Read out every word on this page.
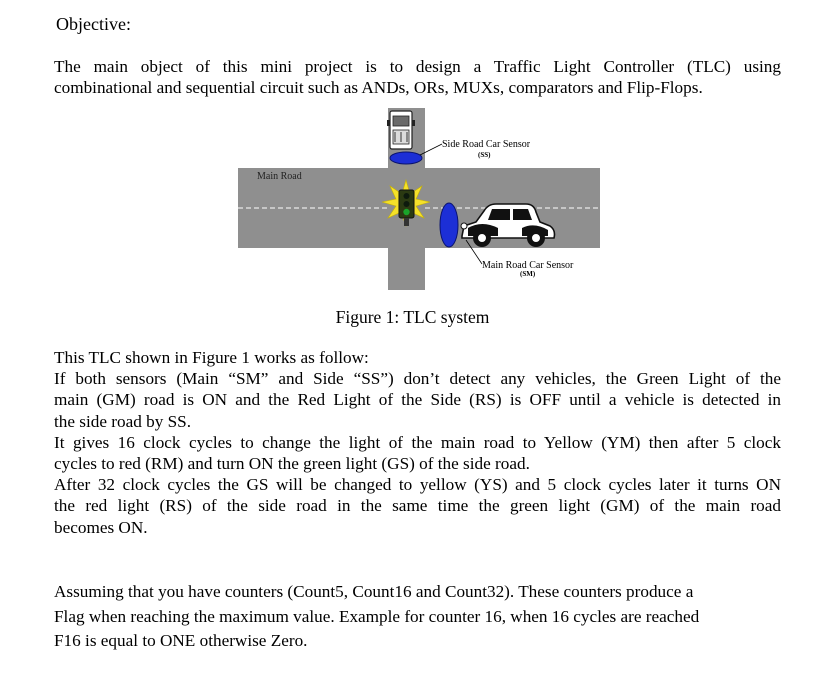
Objective:
The main object of this mini project is to design a Traffic Light Controller (TLC) using
combinational and sequential circuit such as ANDs, ORs, MUXs, comparators and Flip-Flops.
Main Road
Side Road Car Sensor
(SS)
Main Road Car Sensor
(SM)
Figure 1: TLC system
This TLC shown in Figure 1 works as follow:
If both sensors (Main “SM” and Side “SS”) don’t detect any vehicles, the Green Light of the
main (GM) road is ON and the Red Light of the Side (RS) is OFF until a vehicle is detected in
the side road by SS.
It gives 16 clock cycles to change the light of the main road to Yellow (YM) then after 5 clock
cycles to red (RM) and turn ON the green light (GS) of the side road.
After 32 clock cycles the GS will be changed to yellow (YS) and 5 clock cycles later it turns ON
the red light (RS) of the side road in the same time the green light (GM) of the main road
becomes ON.
Assuming that you have counters (Count5, Count16 and Count32). These counters produce a
Flag when reaching the maximum value. Example for counter 16, when 16 cycles are reached
F16 is equal to ONE otherwise Zero.
